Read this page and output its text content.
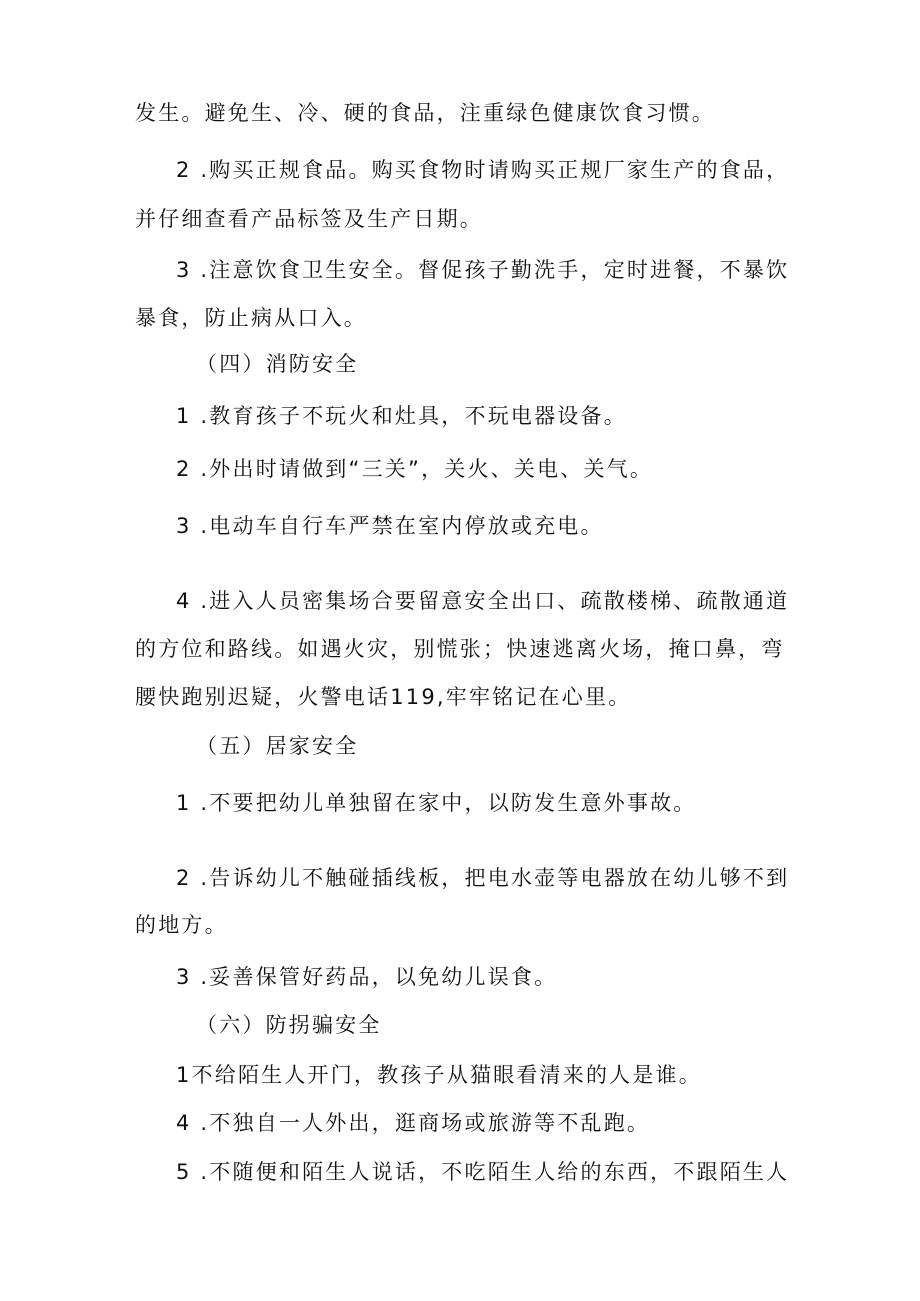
发生。避免生、冷、硬的食品，注重绿色健康饮食习惯。
2 .购买正规食品。购买食物时请购买正规厂家生产的食品，
并仔细查看产品标签及生产日期。
3 .注意饮食卫生安全。督促孩子勤洗手，定时进餐，不暴饮
暴食，防止病从口入。
（四）消防安全
1 .教育孩子不玩火和灶具，不玩电器设备。
2 .外出时请做到“三关”，关火、关电、关气。
3 .电动车自行车严禁在室内停放或充电。
4 .进入人员密集场合要留意安全出口、疏散楼梯、疏散通道
的方位和路线。如遇火灾，别慌张；快速逃离火场，掩口鼻，弯
腰快跑别迟疑，火警电话119,牢牢铭记在心里。
（五）居家安全
1 .不要把幼儿单独留在家中，以防发生意外事故。
2 .告诉幼儿不触碰插线板，把电水壶等电器放在幼儿够不到
的地方。
3 .妥善保管好药品，以免幼儿误食。
（六）防拐骗安全
1不给陌生人开门，教孩子从猫眼看清来的人是谁。
4 .不独自一人外出，逛商场或旅游等不乱跑。
5 .不随便和陌生人说话，不吃陌生人给的东西，不跟陌生人
